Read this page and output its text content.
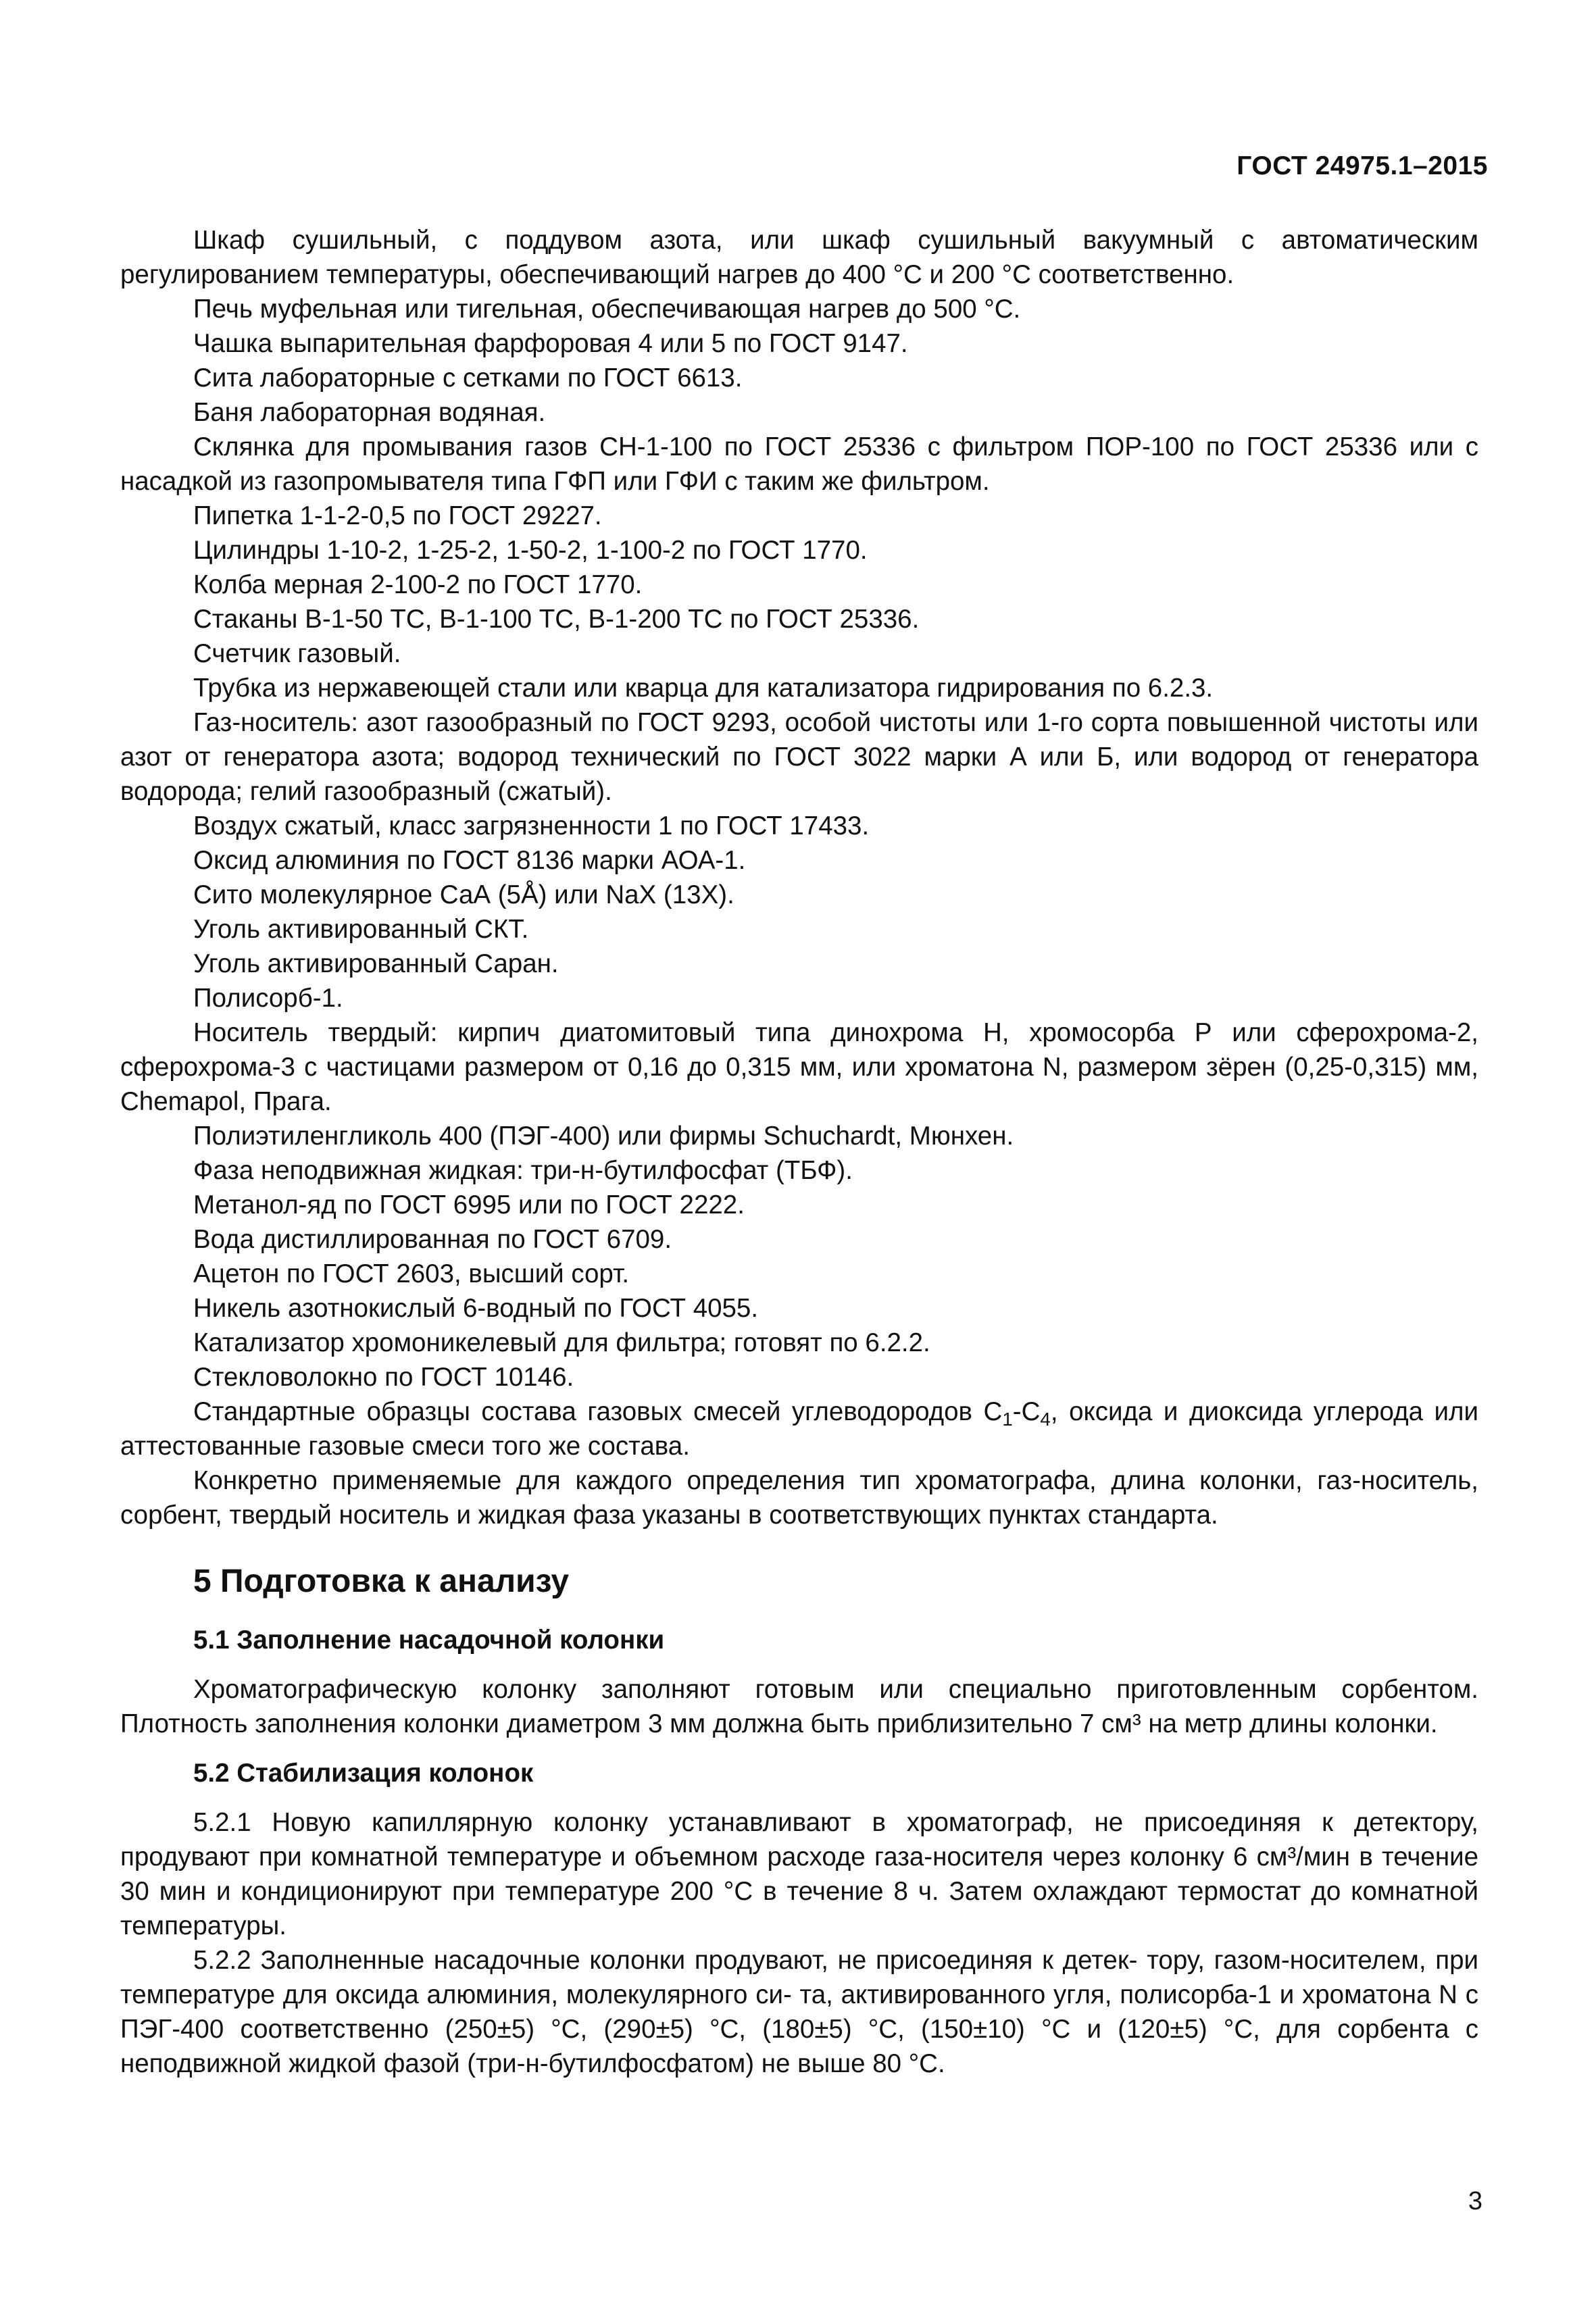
ГОСТ 24975.1–2015

Шкаф сушильный, с поддувом азота, или шкаф сушильный вакуумный с автоматическим регулированием температуры, обеспечивающий нагрев до 400 °С и 200 °С соответственно.

Печь муфельная или тигельная, обеспечивающая нагрев до 500 °С.

Чашка выпарительная фарфоровая 4 или 5 по ГОСТ 9147.

Сита лабораторные с сетками по ГОСТ 6613.

Баня лабораторная водяная.

Склянка для промывания газов СН-1-100 по ГОСТ 25336 с фильтром ПОР-100 по ГОСТ 25336 или с насадкой из газопромывателя типа ГФП или ГФИ с таким же фильтром.

Пипетка 1-1-2-0,5 по ГОСТ 29227.

Цилиндры 1-10-2, 1-25-2, 1-50-2, 1-100-2 по ГОСТ 1770.

Колба мерная 2-100-2 по ГОСТ 1770.

Стаканы В-1-50 ТС, В-1-100 ТС, В-1-200 ТС по ГОСТ 25336.

Счетчик газовый.

Трубка из нержавеющей стали или кварца для катализатора гидрирования по 6.2.3.

Газ-носитель: азот газообразный по ГОСТ 9293, особой чистоты или 1-го сорта повышенной чистоты или азот от генератора азота; водород технический по ГОСТ 3022 марки А или Б, или водород от генератора водорода; гелий газообразный (сжатый).

Воздух сжатый, класс загрязненности 1 по ГОСТ 17433.

Оксид алюминия по ГОСТ 8136 марки АОА-1.

Сито молекулярное СаА (5Å) или NaX (13X).

Уголь активированный СКТ.

Уголь активированный Саран.

Полисорб-1.

Носитель твердый: кирпич диатомитовый типа динохрома Н, хромосорба Р или сферохрома-2, сферохрома-3 с частицами размером от 0,16 до 0,315 мм, или хроматона N, размером зёрен (0,25-0,315) мм, Chemapol, Прага.

Полиэтиленгликоль 400 (ПЭГ-400) или фирмы Schuchardt, Мюнхен.

Фаза неподвижная жидкая: три-н-бутилфосфат (ТБФ).

Метанол-яд по ГОСТ 6995 или по ГОСТ 2222.

Вода дистиллированная по ГОСТ 6709.

Ацетон по ГОСТ 2603, высший сорт.

Никель азотнокислый 6-водный по ГОСТ 4055.

Катализатор хромоникелевый для фильтра; готовят по 6.2.2.

Стекловолокно по ГОСТ 10146.

Стандартные образцы состава газовых смесей углеводородов $С_1-С_4$, оксида и диоксида углерода или аттестованные газовые смеси того же состава.

Конкретно применяемые для каждого определения тип хроматографа, длина колонки, газ-носитель, сорбент, твердый носитель и жидкая фаза указаны в соответствующих пунктах стандарта.

5 Подготовка к анализу
5.1 Заполнение насадочной колонки

Хроматографическую колонку заполняют готовым или специально приготовленным сорбентом. Плотность заполнения колонки диаметром 3 мм должна быть приблизительно 7 см³ на метр длины колонки.

5.2 Стабилизация колонок

5.2.1 Новую капиллярную колонку устанавливают в хроматограф, не присоединяя к детектору, продувают при комнатной температуре и объемном расходе газа-носителя через колонку 6 см³/мин в течение 30 мин и кондиционируют при температуре 200 °С в течение 8 ч. Затем охлаждают термостат до комнатной температуры.

5.2.2 Заполненные насадочные колонки продувают, не присоединяя к детек- тору, газом-носителем, при температуре для оксида алюминия, молекулярного си- та, активированного угля, полисорба-1 и хроматона N с ПЭГ-400 соответственно (250±5) °С, (290±5) °С, (180±5) °С, (150±10) °С и (120±5) °С, для сорбента с неподвижной жидкой фазой (три-н-бутилфосфатом) не выше 80 °С.

3
